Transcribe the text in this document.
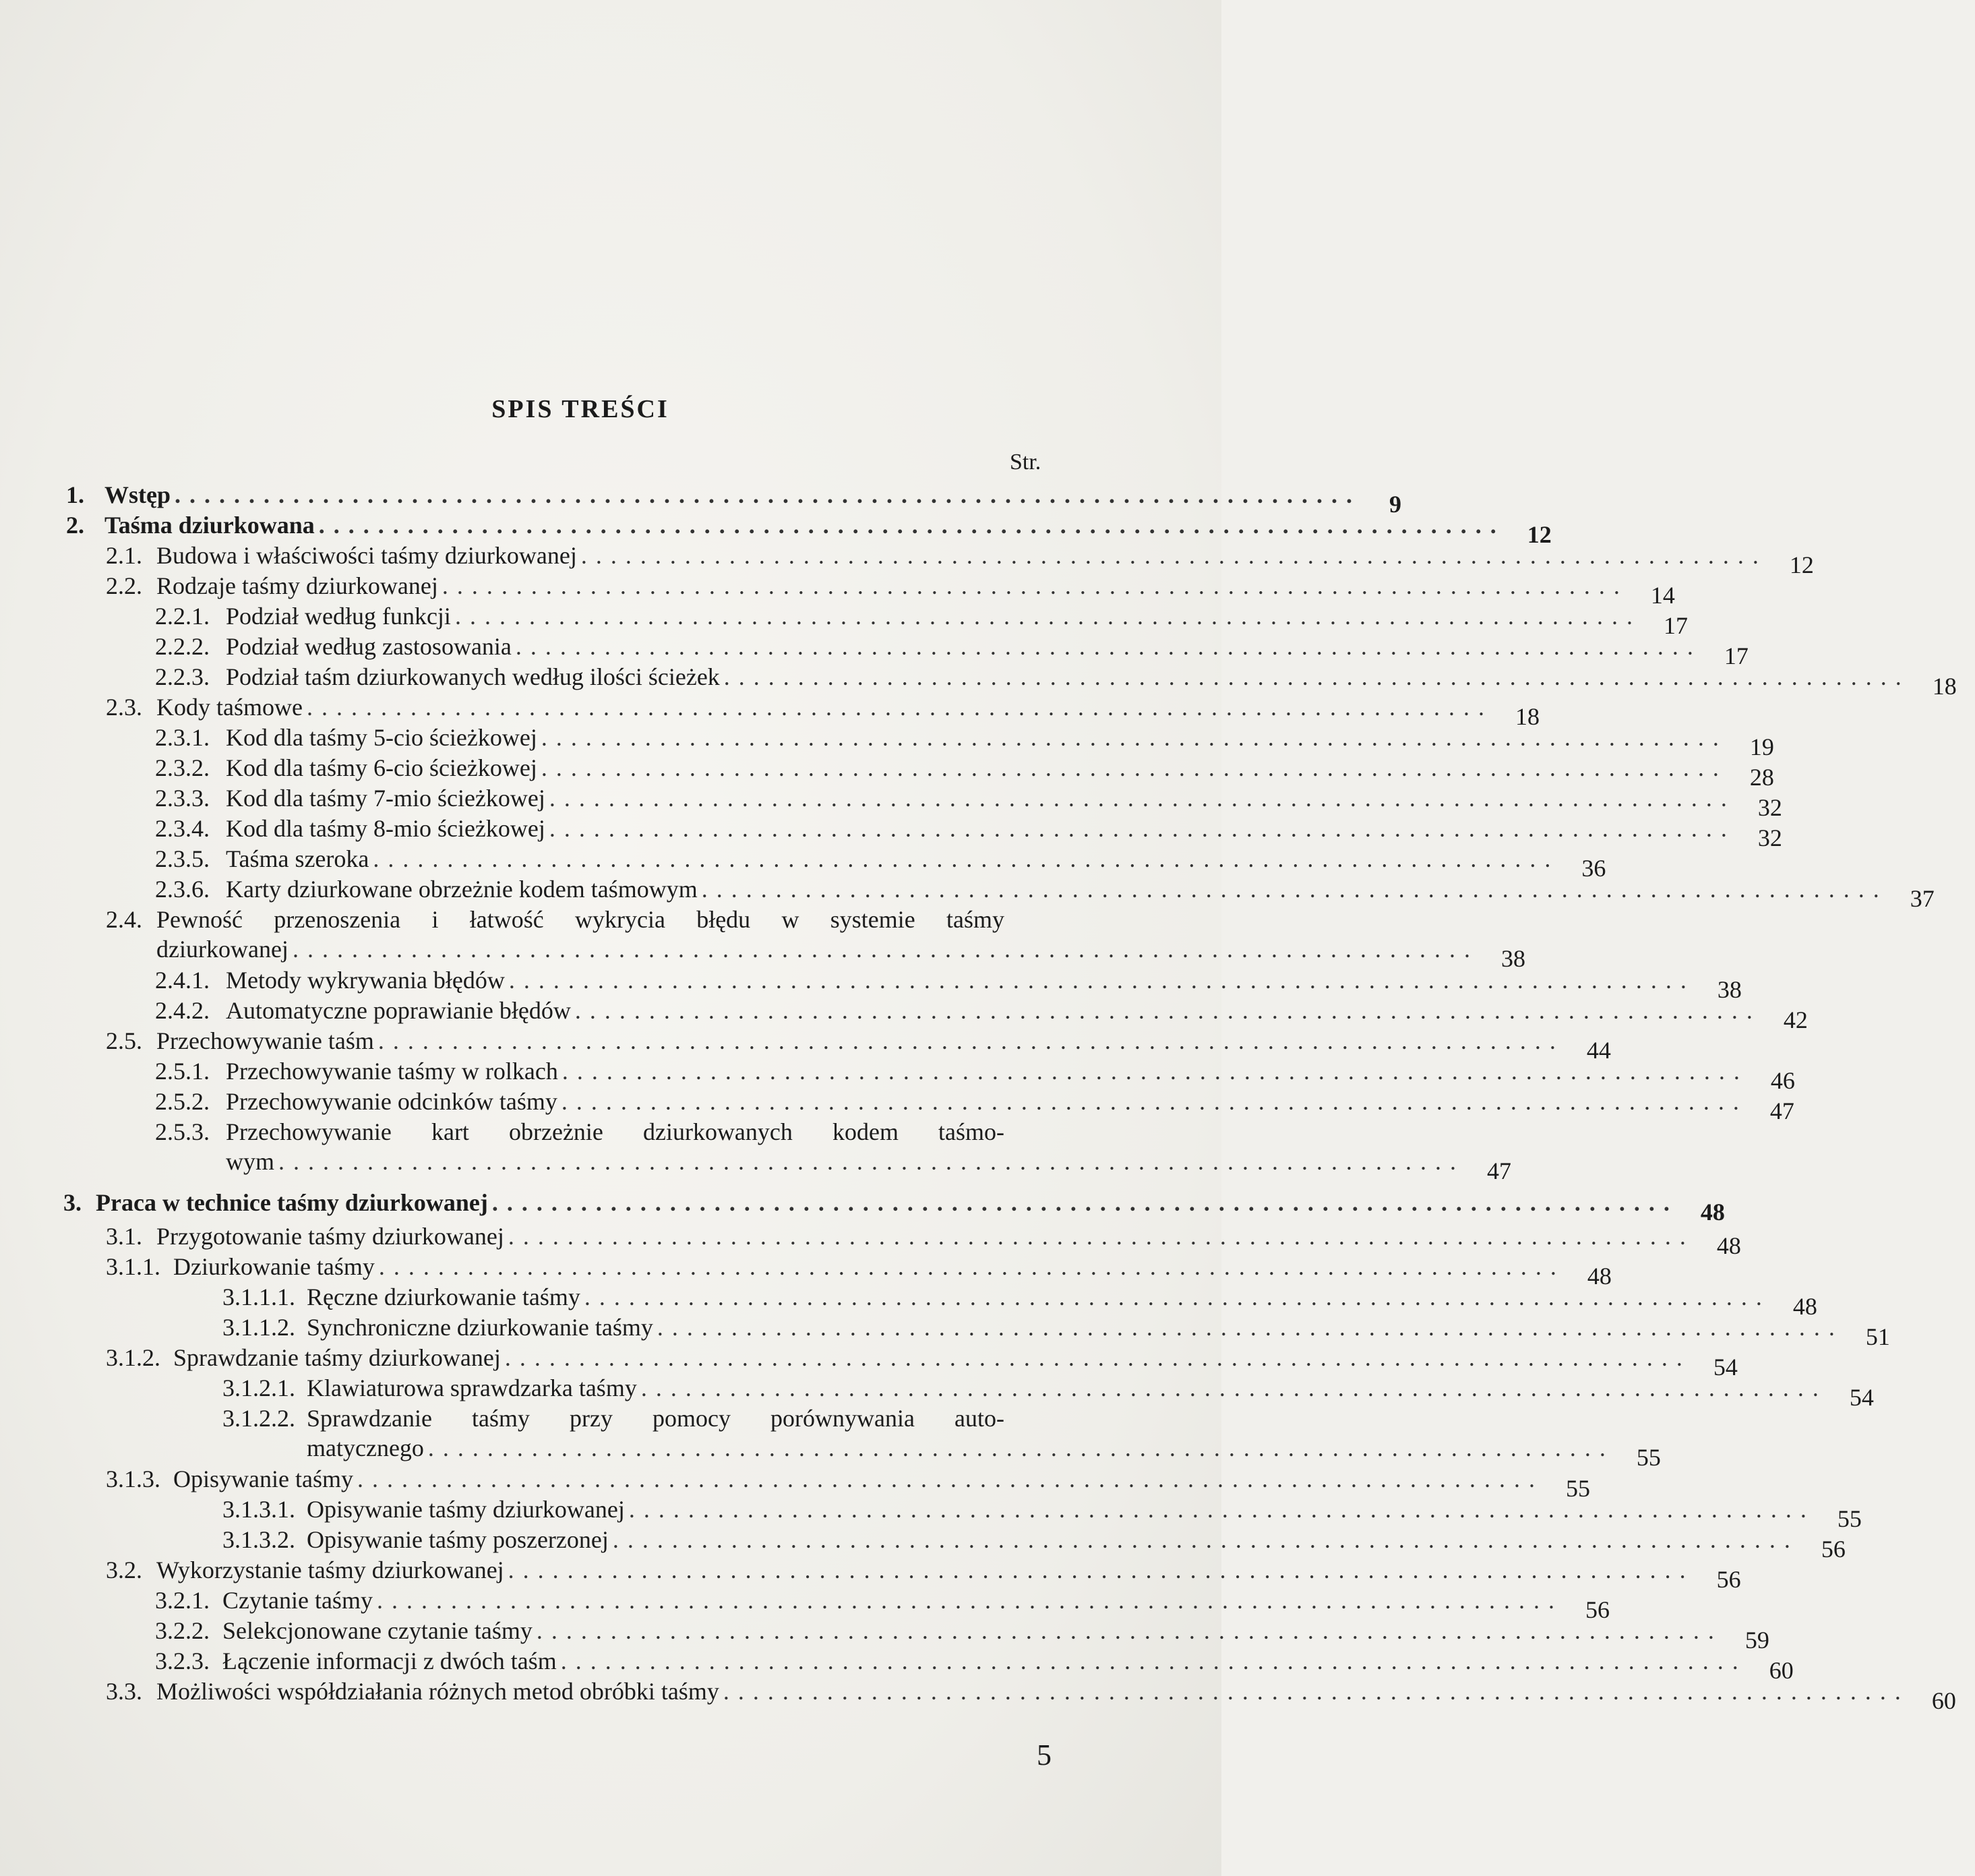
SPIS TREŚCI
Str.
1. Wstęp ................................................................................	9
2. Taśma dziurkowana ................................................................................ 12
2.1. Budowa i właściwości taśmy dziurkowanej ................................................................................ 12
2.2. Rodzaje taśmy dziurkowanej ................................................................................ 14
2.2.1. Podział według funkcji ................................................................................ 17
2.2.2. Podział według zastosowania ................................................................................ 17
2.2.3. Podział taśm dziurkowanych według ilości ścieżek ................................................................................ 18
2.3. Kody taśmowe ................................................................................ 18
2.3.1. Kod dla taśmy 5-cio ścieżkowej ................................................................................ 19
2.3.2. Kod dla taśmy 6-cio ścieżkowej ................................................................................ 28
2.3.3. Kod dla taśmy 7-mio ścieżkowej ................................................................................ 32
2.3.4. Kod dla taśmy 8-mio ścieżkowej ................................................................................ 32
2.3.5. Taśma szeroka ................................................................................ 36
2.3.6. Karty dziurkowane obrzeżnie kodem taśmowym ................................................................................ 37
2.4. Pewność przenoszenia i łatwość wykrycia błędu w systemie taśmy
dziurkowanej ................................................................................ 38
2.4.1. Metody wykrywania błędów ................................................................................ 38
2.4.2. Automatyczne poprawianie błędów ................................................................................ 42
2.5. Przechowywanie taśm ................................................................................ 44
2.5.1. Przechowywanie taśmy w rolkach ................................................................................ 46
2.5.2. Przechowywanie odcinków taśmy ................................................................................ 47
2.5.3. Przechowywanie kart obrzeżnie dziurkowanych kodem taśmo-
wym ................................................................................ 47
3. Praca w technice taśmy dziurkowanej ................................................................................ 48
3.1. Przygotowanie taśmy dziurkowanej ................................................................................ 48
3.1.1. Dziurkowanie taśmy ................................................................................ 48
3.1.1.1. Ręczne dziurkowanie taśmy ................................................................................ 48
3.1.1.2. Synchroniczne dziurkowanie taśmy ................................................................................ 51
3.1.2. Sprawdzanie taśmy dziurkowanej ................................................................................ 54
3.1.2.1. Klawiaturowa sprawdzarka taśmy ................................................................................ 54
3.1.2.2. Sprawdzanie taśmy przy pomocy porównywania auto-
matycznego ................................................................................ 55
3.1.3. Opisywanie taśmy ................................................................................ 55
3.1.3.1. Opisywanie taśmy dziurkowanej ................................................................................ 55
3.1.3.2. Opisywanie taśmy poszerzonej ................................................................................ 56
3.2. Wykorzystanie taśmy dziurkowanej ................................................................................ 56
3.2.1. Czytanie taśmy ................................................................................ 56
3.2.2. Selekcjonowane czytanie taśmy ................................................................................ 59
3.2.3. Łączenie informacji z dwóch taśm ................................................................................ 60
3.3. Możliwości współdziałania różnych metod obróbki taśmy ................................................................................ 60
5
